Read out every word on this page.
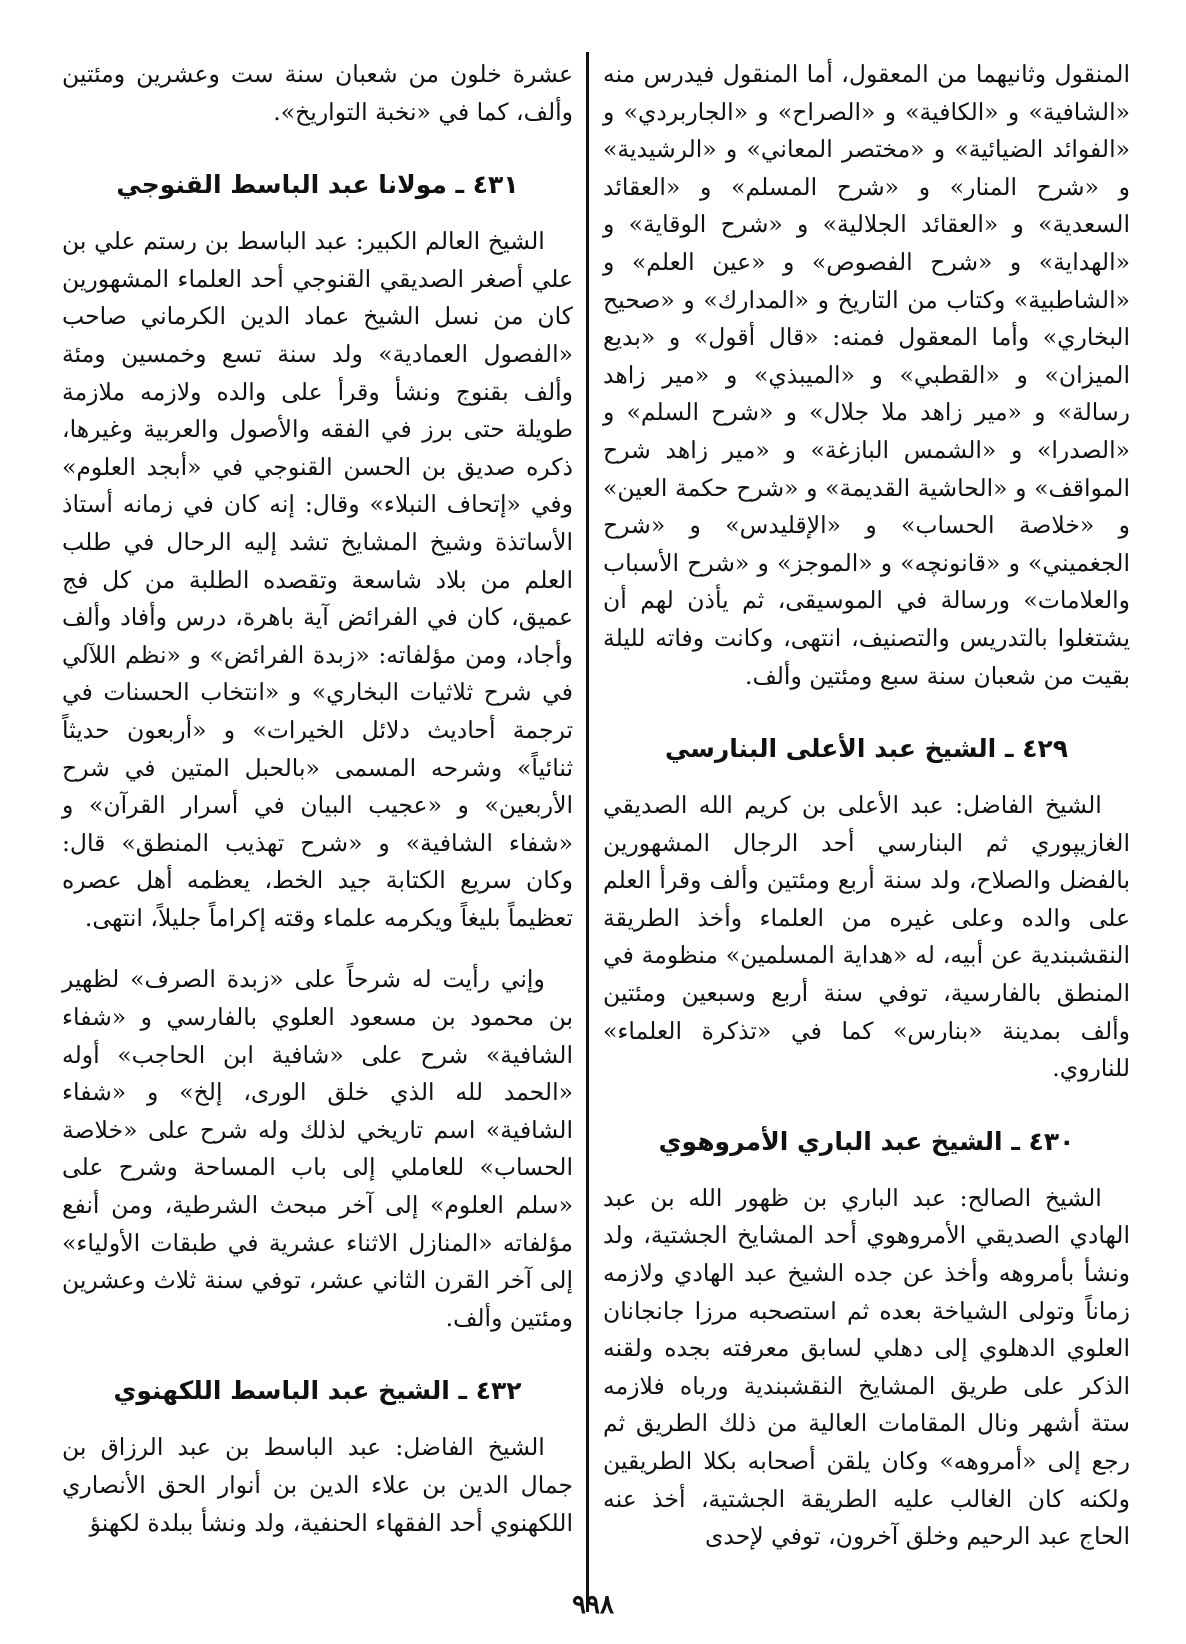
المنقول وثانيهما من المعقول، أما المنقول فيدرس منه «الشافية» و «الكافية» و «الصراح» و «الجاربردي» و «الفوائد الضيائية» و «مختصر المعاني» و «الرشيدية» و «شرح المنار» و «شرح المسلم» و «العقائد السعدية» و «العقائد الجلالية» و «شرح الوقاية» و «الهداية» و «شرح الفصوص» و «عين العلم» و «الشاطبية» وكتاب من التاريخ و «المدارك» و «صحيح البخاري» وأما المعقول فمنه: «قال أقول» و «بديع الميزان» و «القطبي» و «الميبذي» و «مير زاهد رسالة» و «مير زاهد ملا جلال» و «شرح السلم» و «الصدرا» و «الشمس البازغة» و «مير زاهد شرح المواقف» و «الحاشية القديمة» و «شرح حكمة العين» و «خلاصة الحساب» و «الإقليدس» و «شرح الجغميني» و «قانونچه» و «الموجز» و «شرح الأسباب والعلامات» ورسالة في الموسيقى، ثم يأذن لهم أن يشتغلوا بالتدريس والتصنيف، انتهى، وكانت وفاته لليلة بقيت من شعبان سنة سبع ومئتين وألف.

٤٢٩ ـ الشيخ عبد الأعلى البنارسي

الشيخ الفاضل: عبد الأعلى بن كريم الله الصديقي الغازيپوري ثم البنارسي أحد الرجال المشهورين بالفضل والصلاح، ولد سنة أربع ومئتين وألف وقرأ العلم على والده وعلى غيره من العلماء وأخذ الطريقة النقشبندية عن أبيه، له «هداية المسلمين» منظومة في المنطق بالفارسية، توفي سنة أربع وسبعين ومئتين وألف بمدينة «بنارس» كما في «تذكرة العلماء» للناروي.

٤٣٠ ـ الشيخ عبد الباري الأمروهوي

الشيخ الصالح: عبد الباري بن ظهور الله بن عبد الهادي الصديقي الأمروهوي أحد المشايخ الجشتية، ولد ونشأ بأمروهه وأخذ عن جده الشيخ عبد الهادي ولازمه زماناً وتولى الشياخة بعده ثم استصحبه مرزا جانجانان العلوي الدهلوي إلى دهلي لسابق معرفته بجده ولقنه الذكر على طريق المشايخ النقشبندية ورباه فلازمه ستة أشهر ونال المقامات العالية من ذلك الطريق ثم رجع إلى «أمروهه» وكان يلقن أصحابه بكلا الطريقين ولكنه كان الغالب عليه الطريقة الجشتية، أخذ عنه الحاج عبد الرحيم وخلق آخرون، توفي لإحدى

عشرة خلون من شعبان سنة ست وعشرين ومئتين وألف، كما في «نخبة التواريخ».

٤٣١ ـ مولانا عبد الباسط القنوجي

الشيخ العالم الكبير: عبد الباسط بن رستم علي بن علي أصغر الصديقي القنوجي أحد العلماء المشهورين كان من نسل الشيخ عماد الدين الكرماني صاحب «الفصول العمادية» ولد سنة تسع وخمسين ومئة وألف بقنوج ونشأ وقرأ على والده ولازمه ملازمة طويلة حتى برز في الفقه والأصول والعربية وغيرها، ذكره صديق بن الحسن القنوجي في «أبجد العلوم» وفي «إتحاف النبلاء» وقال: إنه كان في زمانه أستاذ الأساتذة وشيخ المشايخ تشد إليه الرحال في طلب العلم من بلاد شاسعة وتقصده الطلبة من كل فج عميق، كان في الفرائض آية باهرة، درس وأفاد وألف وأجاد، ومن مؤلفاته: «زبدة الفرائض» و «نظم اللآلي في شرح ثلاثيات البخاري» و «انتخاب الحسنات في ترجمة أحاديث دلائل الخيرات» و «أربعون حديثاً ثنائياً» وشرحه المسمى «بالحبل المتين في شرح الأربعين» و «عجيب البيان في أسرار القرآن» و «شفاء الشافية» و «شرح تهذيب المنطق» قال: وكان سريع الكتابة جيد الخط، يعظمه أهل عصره تعظيماً بليغاً ويكرمه علماء وقته إكراماً جليلاً، انتهى.

وإني رأيت له شرحاً على «زبدة الصرف» لظهير بن محمود بن مسعود العلوي بالفارسي و «شفاء الشافية» شرح على «شافية ابن الحاجب» أوله «الحمد لله الذي خلق الورى، إلخ» و «شفاء الشافية» اسم تاريخي لذلك وله شرح على «خلاصة الحساب» للعاملي إلى باب المساحة وشرح على «سلم العلوم» إلى آخر مبحث الشرطية، ومن أنفع مؤلفاته «المنازل الاثناء عشرية في طبقات الأولياء» إلى آخر القرن الثاني عشر، توفي سنة ثلاث وعشرين ومئتين وألف.

٤٣٢ ـ الشيخ عبد الباسط اللكهنوي

الشيخ الفاضل: عبد الباسط بن عبد الرزاق بن جمال الدين بن علاء الدين بن أنوار الحق الأنصاري اللكهنوي أحد الفقهاء الحنفية، ولد ونشأ ببلدة لكهنؤ

٩٩٨
